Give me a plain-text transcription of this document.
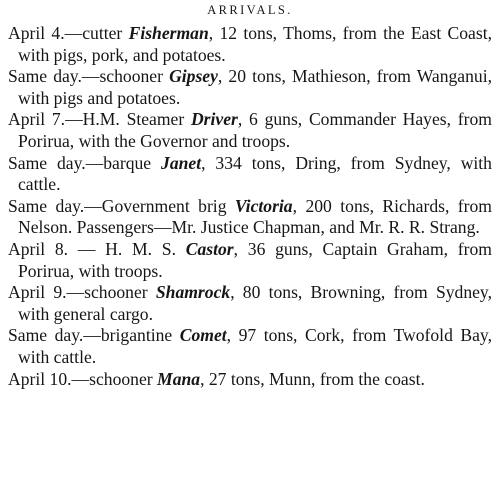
ARRIVALS.

April 4.—cutter Fisherman, 12 tons, Thoms, from the East Coast, with pigs, pork, and potatoes.

Same day.—schooner Gipsey, 20 tons, Mathieson, from Wanganui, with pigs and potatoes.

April 7.—H.M. Steamer Driver, 6 guns, Commander Hayes, from Porirua, with the Governor and troops.

Same day.—barque Janet, 334 tons, Dring, from Sydney, with cattle.

Same day.—Government brig Victoria, 200 tons, Richards, from Nelson. Passengers—Mr. Justice Chapman, and Mr. R. R. Strang.

April 8. — H. M. S. Castor, 36 guns, Captain Graham, from Porirua, with troops.

April 9.—schooner Shamrock, 80 tons, Browning, from Sydney, with general cargo.

Same day.—brigantine Comet, 97 tons, Cork, from Twofold Bay, with cattle.

April 10.—schooner Mana, 27 tons, Munn, from the coast.
